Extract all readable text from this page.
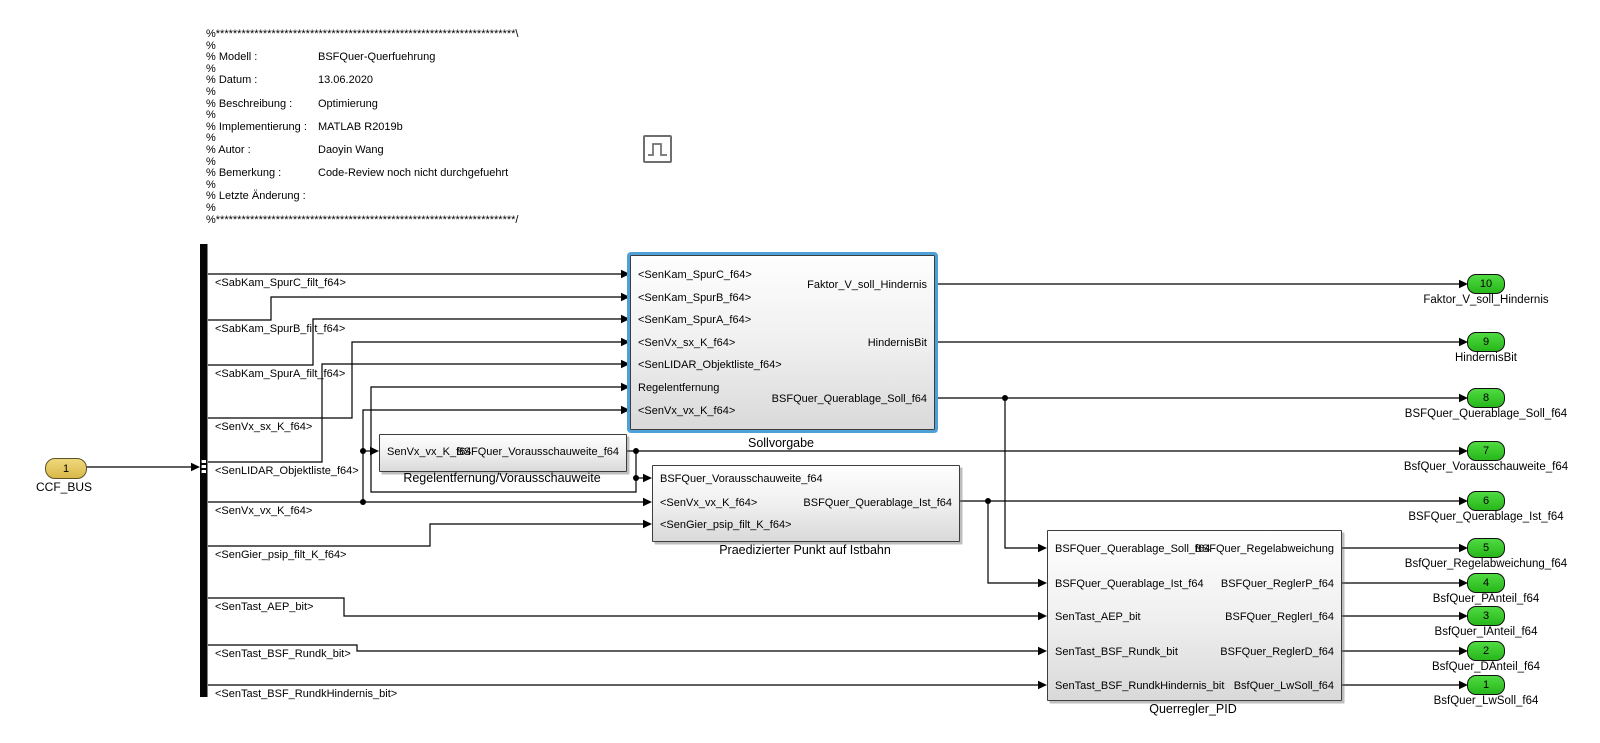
%**********************************************************************\
%
% Modell :	BSFQuer-Querfuehrung
%
% Datum :	13.06.2020
%
% Beschreibung : Optimierung
%
% Implementierung : MATLAB R2019b
%
% Autor :	Daoyin Wang
%
% Bemerkung :	Code-Review noch nicht durchgefuehrt
%
% Letzte Änderung :
%
%**********************************************************************/
1
CCF_BUS
<SabKam_SpurC_filt_f64>
<SabKam_SpurB_filt_f64>
<SabKam_SpurA_filt_f64>
<SenVx_sx_K_f64>
<SenLIDAR_Objektliste_f64>
<SenVx_vx_K_f64>
<SenGier_psip_filt_K_f64>
<SenTast_AEP_bit>
<SenTast_BSF_Rundk_bit>
<SenTast_BSF_RundkHindernis_bit>
<SenKam_SpurC_f64>
<SenKam_SpurB_f64>
<SenKam_SpurA_f64>
<SenVx_sx_K_f64>
<SenLIDAR_Objektliste_f64>
Regelentfernung
<SenVx_vx_K_f64>
Faktor_V_soll_Hindernis
HindernisBit
BSFQuer_Querablage_Soll_f64
Sollvorgabe
SenVx_vx_K_f64
BSFQuer_Vorausschauweite_f64
Regelentfernung/Vorausschauweite	BSFQuer_Vorausschauweite_f64
<SenVx_vx_K_f64>
<SenGier_psip_filt_K_f64>
BSFQuer_Querablage_Ist_f64
Praedizierter Punkt auf Istbahn	BSFQuer_Querablage_Soll_f64
BSFQuer_Querablage_Ist_f64
SenTast_AEP_bit
SenTast_BSF_Rundk_bit
SenTast_BSF_RundkHindernis_bit
BSFQuer_Regelabweichung
BSFQuer_ReglerP_f64
BSFQuer_ReglerI_f64
BSFQuer_ReglerD_f64
BsfQuer_LwSoll_f64
Querregler_PID
10
Faktor_V_soll_Hindernis
9
HindernisBit
8
BSFQuer_Querablage_Soll_f64
7
BsfQuer_Vorausschauweite_f64
6
BSFQuer_Querablage_Ist_f64
5
BsfQuer_Regelabweichung_f64
4
BsfQuer_PAnteil_f64
3
BsfQuer_IAnteil_f64
2
BsfQuer_DAnteil_f64
1
BsfQuer_LwSoll_f64
